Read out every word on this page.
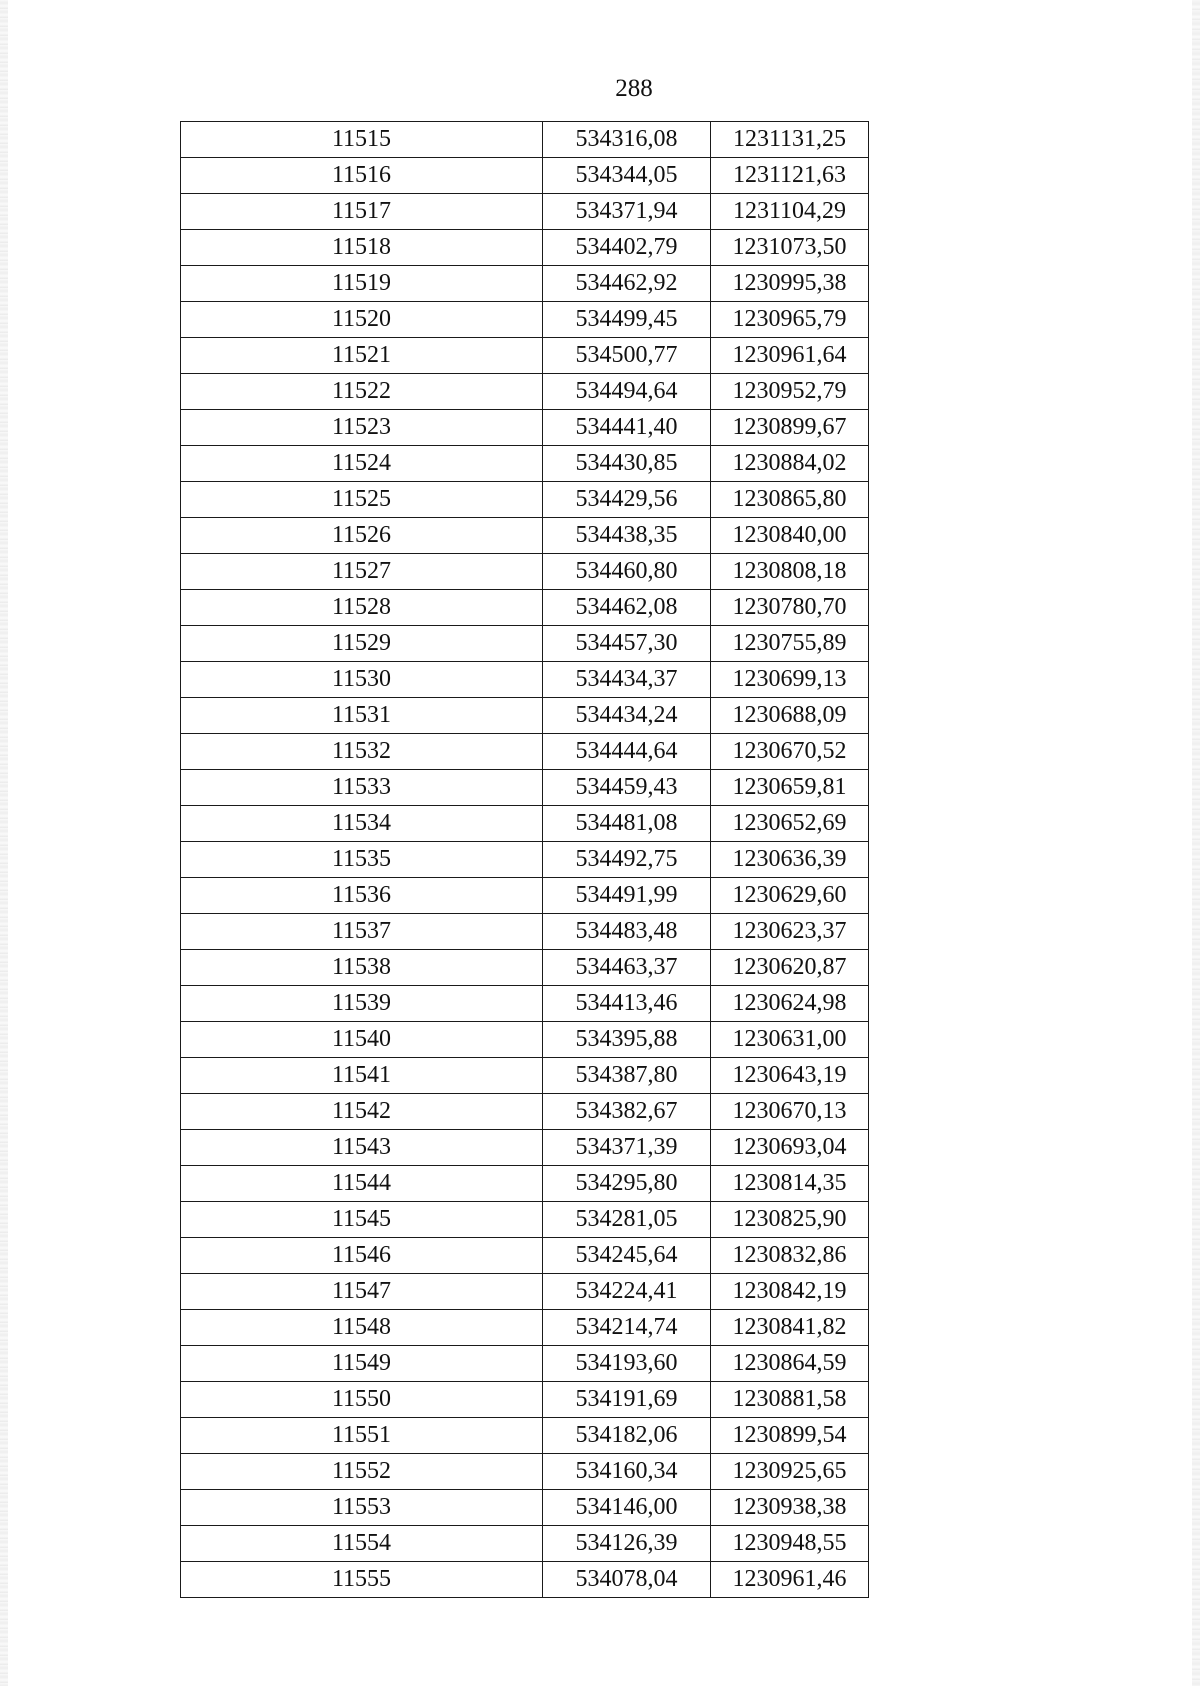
288
11515	534316,08	1231131,25
11516	534344,05	1231121,63
11517	534371,94	1231104,29
11518	534402,79	1231073,50
11519	534462,92	1230995,38
11520	534499,45	1230965,79
11521	534500,77	1230961,64
11522	534494,64	1230952,79
11523	534441,40	1230899,67
11524	534430,85	1230884,02
11525	534429,56	1230865,80
11526	534438,35	1230840,00
11527	534460,80	1230808,18
11528	534462,08	1230780,70
11529	534457,30	1230755,89
11530	534434,37	1230699,13
11531	534434,24	1230688,09
11532	534444,64	1230670,52
11533	534459,43	1230659,81
11534	534481,08	1230652,69
11535	534492,75	1230636,39
11536	534491,99	1230629,60
11537	534483,48	1230623,37
11538	534463,37	1230620,87
11539	534413,46	1230624,98
11540	534395,88	1230631,00
11541	534387,80	1230643,19
11542	534382,67	1230670,13
11543	534371,39	1230693,04
11544	534295,80	1230814,35
11545	534281,05	1230825,90
11546	534245,64	1230832,86
11547	534224,41	1230842,19
11548	534214,74	1230841,82
11549	534193,60	1230864,59
11550	534191,69	1230881,58
11551	534182,06	1230899,54
11552	534160,34	1230925,65
11553	534146,00	1230938,38
11554	534126,39	1230948,55
11555	534078,04	1230961,46
